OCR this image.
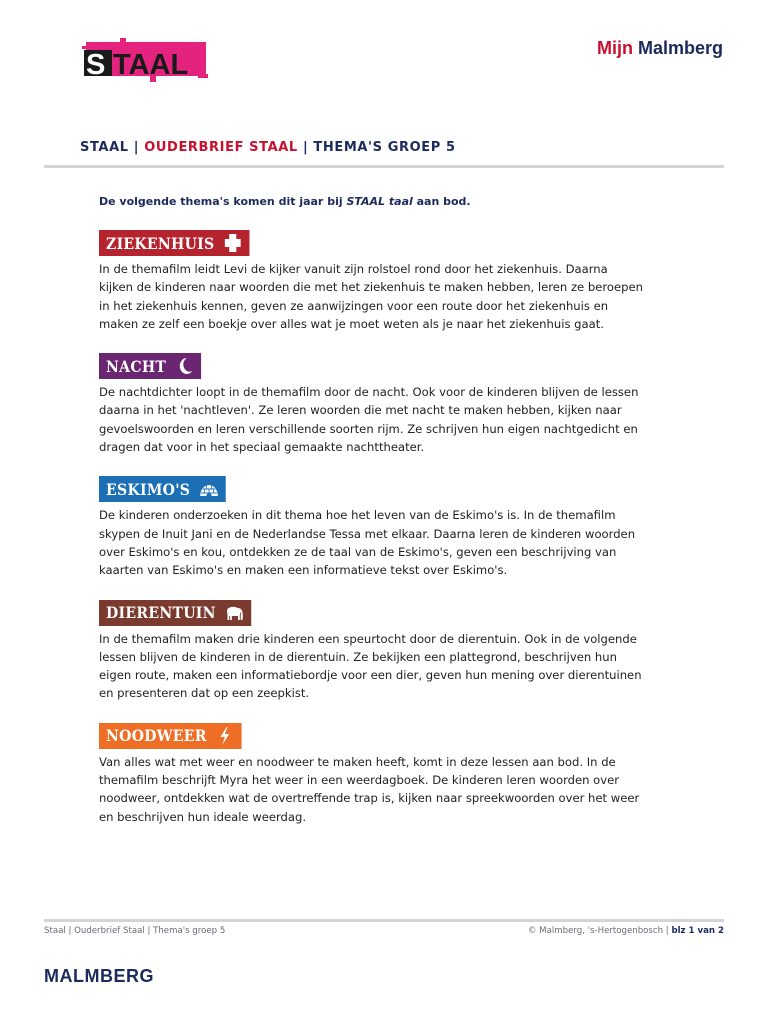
S TAAL
Mijn Malmberg
STAAL | OUDERBRIEF STAAL | THEMA'S GROEP 5

De volgende thema's komen dit jaar bij STAAL taal aan bod.

ZIEKENHUIS

In de themafilm leidt Levi de kijker vanuit zijn rolstoel rond door het ziekenhuis. Daarna kijken de kinderen naar woorden die met het ziekenhuis te maken hebben, leren ze beroepen in het ziekenhuis kennen, geven ze aanwijzingen voor een route door het ziekenhuis en maken ze zelf een boekje over alles wat je moet weten als je naar het ziekenhuis gaat.

NACHT

De nachtdichter loopt in de themafilm door de nacht. Ook voor de kinderen blijven de lessen daarna in het 'nachtleven'. Ze leren woorden die met nacht te maken hebben, kijken naar gevoelswoorden en leren verschillende soorten rijm. Ze schrijven hun eigen nachtgedicht en dragen dat voor in het speciaal gemaakte nachttheater.

ESKIMO'S

De kinderen onderzoeken in dit thema hoe het leven van de Eskimo's is. In de themafilm skypen de Inuit Jani en de Nederlandse Tessa met elkaar. Daarna leren de kinderen woorden over Eskimo's en kou, ontdekken ze de taal van de Eskimo's, geven een beschrijving van kaarten van Eskimo's en maken een informatieve tekst over Eskimo's.

DIERENTUIN

In de themafilm maken drie kinderen een speurtocht door de dierentuin. Ook in de volgende lessen blijven de kinderen in de dierentuin. Ze bekijken een plattegrond, beschrijven hun eigen route, maken een informatiebordje voor een dier, geven hun mening over dierentuinen en presenteren dat op een zeepkist.

NOODWEER

Van alles wat met weer en noodweer te maken heeft, komt in deze lessen aan bod. In de themafilm beschrijft Myra het weer in een weerdagboek. De kinderen leren woorden over noodweer, ontdekken wat de overtreffende trap is, kijken naar spreekwoorden over het weer en beschrijven hun ideale weerdag.

Staal | Ouderbrief Staal | Thema's groep 5	© Malmberg, 's-Hertogenbosch | blz 1 van 2
MALMBERG
